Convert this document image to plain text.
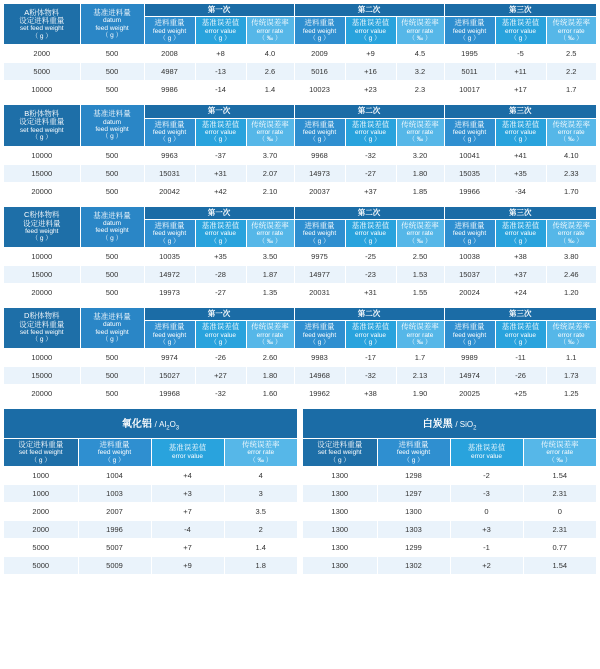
A粉体物料
设定进料重量
set feed weight
（ g ）

基准进料量
datum
feed weight
（ g ）
	第一次	第二次	第三次

进料重量
feed weight
（ g ）

基准误差值
error value
（ g ）

传统误差率
error rate
（ ‰ ）

进料重量
feed weight
（ g ）

基准误差值
error value
（ g ）

传统误差率
error rate
（ ‰ ）

进料重量
feed weight
（ g ）

基准误差值
error value
（ g ）

传统误差率
error rate
（ ‰ ）

2000	500	2008	+8	4.0	2009	+9	4.5	1995	-5	2.5
5000	500	4987	-13	2.6	5016	+16	3.2	5011	+11	2.2
10000	500	9986	-14	1.4	10023	+23	2.3	10017	+17	1.7
B粉体物料
设定进料重量
set feed weight
（ g ）

基准进料量
datum
feed weight
（ g ）
	第一次	第二次	第三次

进料重量
feed weight
（ g ）

基准误差值
error value
（ g ）

传统误差率
error rate
（ ‰ ）

进料重量
feed weight
（ g ）

基准误差值
error value
（ g ）

传统误差率
error rate
（ ‰ ）

进料重量
feed weight
（ g ）

基准误差值
error value
（ g ）

传统误差率
error rate
（ ‰ ）

10000	500	9963	-37	3.70	9968	-32	3.20	10041	+41	4.10
15000	500	15031	+31	2.07	14973	-27	1.80	15035	+35	2.33
20000	500	20042	+42	2.10	20037	+37	1.85	19966	-34	1.70
C粉体物料
设定进料量
feed weight
（ g ）

基准进料量
datum
feed weight
（ g ）
	第一次	第二次	第三次

进料重量
feed weight
（ g ）

基准误差值
error value
（ g ）

传统误差率
error rate
（ ‰ ）

进料重量
feed weight
（ g ）

基准误差值
error value
（ g ）

传统误差率
error rate
（ ‰ ）

进料重量
feed weight
（ g ）

基准误差值
error value
（ g ）

传统误差率
error rate
（ ‰ ）

10000	500	10035	+35	3.50	9975	-25	2.50	10038	+38	3.80
15000	500	14972	-28	1.87	14977	-23	1.53	15037	+37	2.46
20000	500	19973	-27	1.35	20031	+31	1.55	20024	+24	1.20
D粉体物料
设定进料重量
set feed weight
（ g ）

基准进料量
datum
feed weight
（ g ）
	第一次	第二次	第三次

进料重量
feed weight
（ g ）

基准误差值
error value
（ g ）

传统误差率
error rate
（ ‰ ）

进料重量
feed weight
（ g ）

基准误差值
error value
（ g ）

传统误差率
error rate
（ ‰ ）

进料重量
feed weight
（ g ）

基准误差值
error value
（ g ）

传统误差率
error rate
（ ‰ ）

10000	500	9974	-26	2.60	9983	-17	1.7	9989	-11	1.1
15000	500	15027	+27	1.80	14968	-32	2.13	14974	-26	1.73
20000	500	19968	-32	1.60	19962	+38	1.90	20025	+25	1.25
氧化铝 / $Al_2O_3$

设定进料重量
set feed weight
（ g ）

进料重量
feed weight
（ g ）

基准误差值
error value

传统误差率
error rate
（ ‰ ）

1000	1004	+4	4
1000	1003	+3	3
2000	2007	+7	3.5
2000	1996	-4	2
5000	5007	+7	1.4
5000	5009	+9	1.8
白炭黑 / SiO$_2$

设定进料重量
set feed weight
（ g ）

进料重量
feed weight
（ g ）

基准误差值
error value

传统误差率
error rate
（ ‰ ）

1300	1298	-2	1.54
1300	1297	-3	2.31
1300	1300	0	0
1300	1303	+3	2.31
1300	1299	-1	0.77
1300	1302	+2	1.54
